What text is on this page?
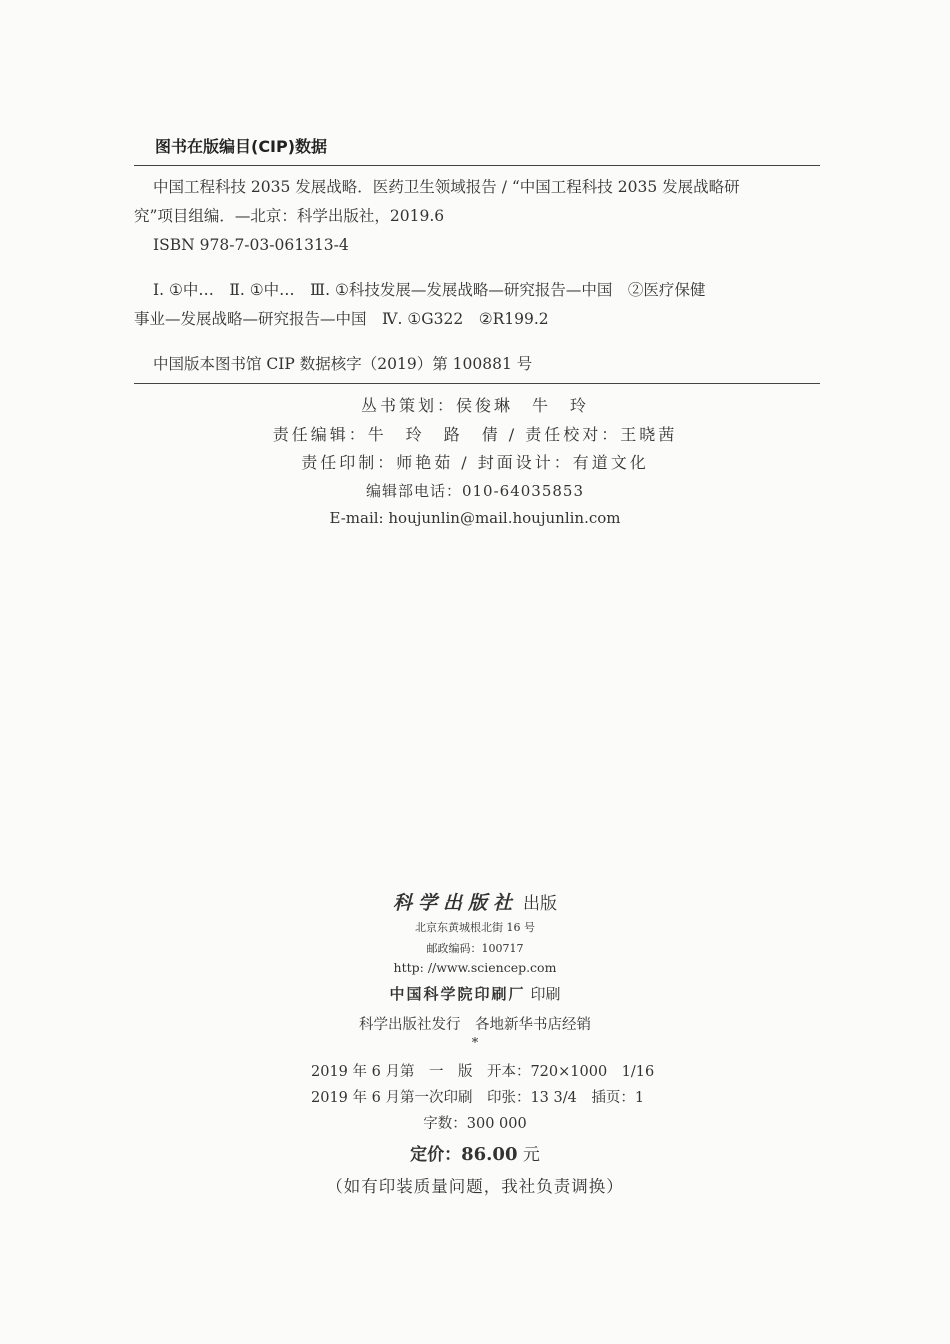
图书在版编目(CIP)数据
中国工程科技 2035 发展战略．医药卫生领域报告 / “中国工程科技 2035 发展战略研
究”项目组编．—北京：科学出版社，2019.6
ISBN 978-7-03-061313-4
Ⅰ. ①中…　Ⅱ. ①中…　Ⅲ. ①科技发展—发展战略—研究报告—中国　②医疗保健
事业—发展战略—研究报告—中国　Ⅳ. ①G322　②R199.2
中国版本图书馆 CIP 数据核字（2019）第 100881 号
丛书策划：侯俊琳　牛　玲
责任编辑：牛　玲　路　倩 / 责任校对：王晓茜
责任印制：师艳茹 / 封面设计：有道文化
编辑部电话：010-64035853
E-mail: houjunlin@mail.houjunlin.com
科学出版社 出版
北京东黄城根北街 16 号
邮政编码：100717
http: //www.sciencep.com
中国科学院印刷厂 印刷
科学出版社发行　各地新华书店经销
*
2019 年 6 月第　一　版　开本：720×1000　1/16
2019 年 6 月第一次印刷　印张：13 3/4　插页：1
字数：300 000
定价：86.00 元
（如有印装质量问题，我社负责调换）
